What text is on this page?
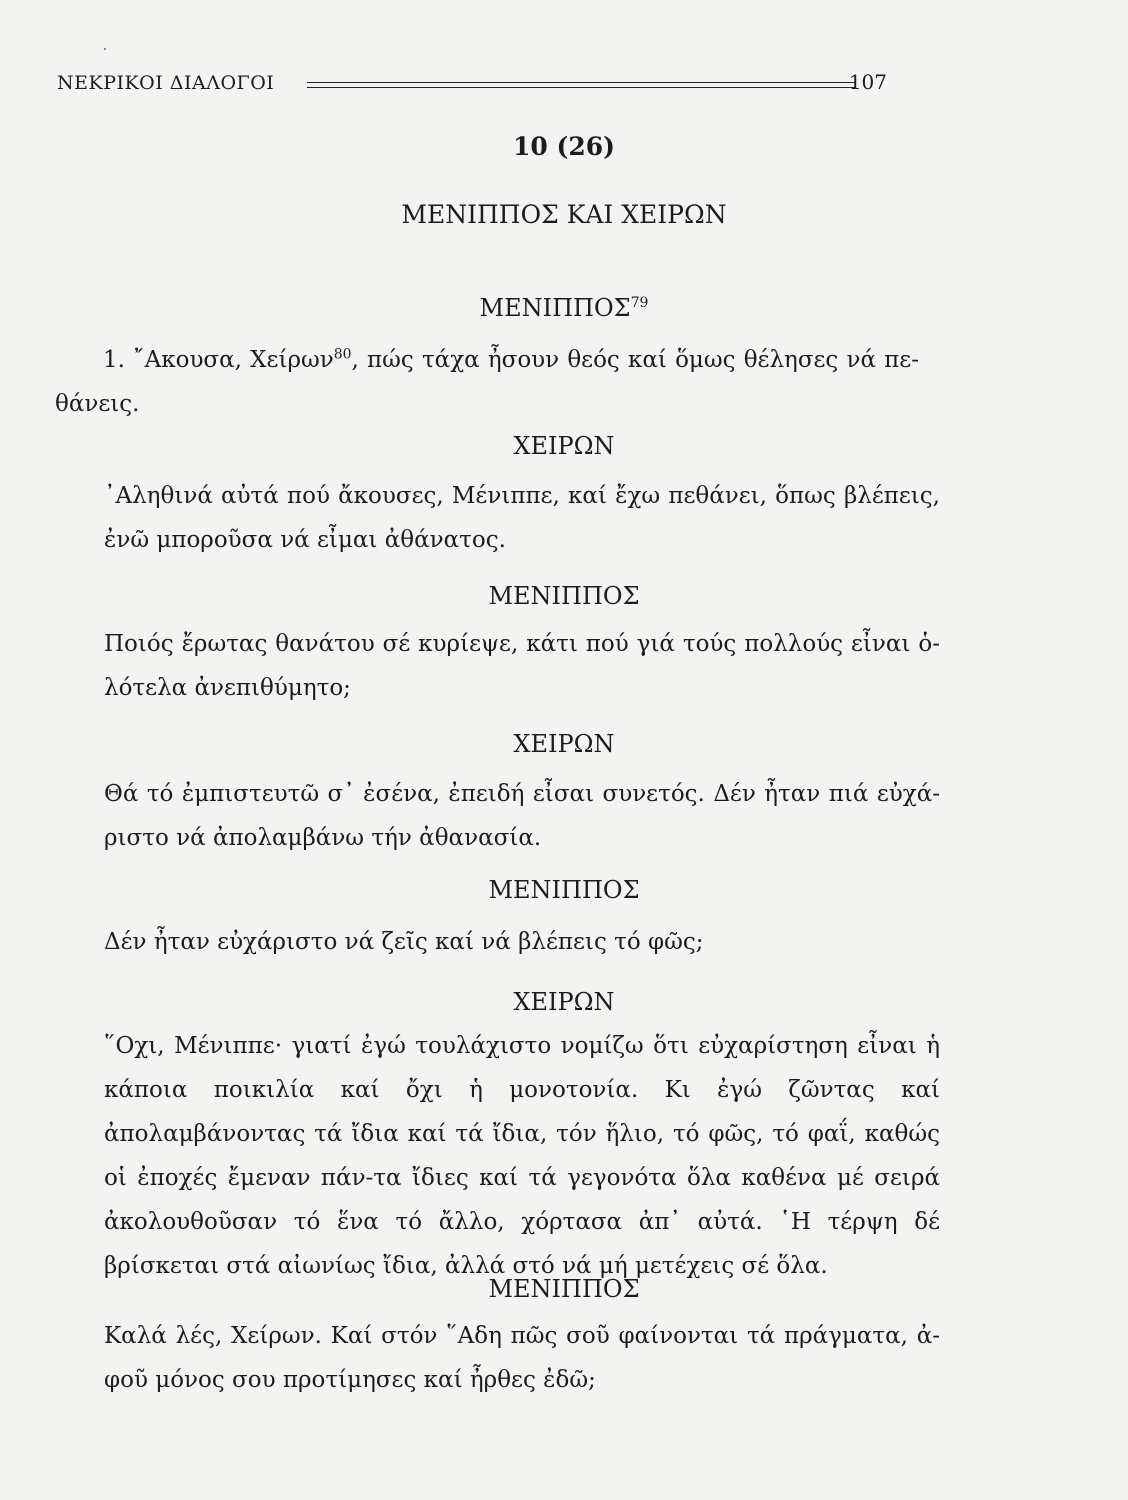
ΝΕΚΡΙΚΟΙ ΔΙΑΛΟΓΟΙ	107
10 (26)
ΜΕΝΙΠΠΟΣ ΚΑΙ ΧΕΙΡΩΝ
ΜΕΝΙΠΠΟΣ$^{79}$
1. ῎Ακουσα, Χείρων$^{80}$, πώς τάχα ἦσουν θεός καί ὅμως θέλησες νά πε-θάνεις.
ΧΕΙΡΩΝ
᾽Αληθινά αὐτά πού ἄκουσες, Μένιππε, καί ἔχω πεθάνει, ὅπως βλέπεις, ἐνῶ μποροῦσα νά εἶμαι ἀθάνατος.
ΜΕΝΙΠΠΟΣ
Ποιός ἔρωτας θανάτου σέ κυρίεψε, κάτι πού γιά τούς πολλούς εἶναι ὁ-λότελα ἀνεπιθύμητο;
ΧΕΙΡΩΝ
Θά τό ἐμπιστευτῶ σ᾽ ἐσένα, ἐπειδή εἶσαι συνετός. Δέν ἦταν πιά εὐχά-ριστο νά ἀπολαμβάνω τήν ἀθανασία.
ΜΕΝΙΠΠΟΣ
Δέν ἦταν εὐχάριστο νά ζεῖς καί νά βλέπεις τό φῶς;
ΧΕΙΡΩΝ
῞Οχι, Μένιππε· γιατί ἐγώ τουλάχιστο νομίζω ὅτι εὐχαρίστηση εἶναι ἡ κάποια ποικιλία καί ὄχι ἡ μονοτονία. Κι ἐγώ ζῶντας καί ἀπολαμβάνοντας τά ἴδια καί τά ἴδια, τόν ἥλιο, τό φῶς, τό φαΐ, καθώς οἱ ἐποχές ἔμεναν πάν-τα ἴδιες καί τά γεγονότα ὅλα καθένα μέ σειρά ἀκολουθοῦσαν τό ἕνα τό ἄλλο, χόρτασα ἀπ᾽ αὐτά. ῾Η τέρψη δέ βρίσκεται στά αἰωνίως ἴδια, ἀλλά στό νά μή μετέχεις σέ ὅλα.
ΜΕΝΙΠΠΟΣ
Καλά λές, Χείρων. Καί στόν ῞Αδη πῶς σοῦ φαίνονται τά πράγματα, ἀ-φοῦ μόνος σου προτίμησες καί ἦρθες ἐδῶ;
